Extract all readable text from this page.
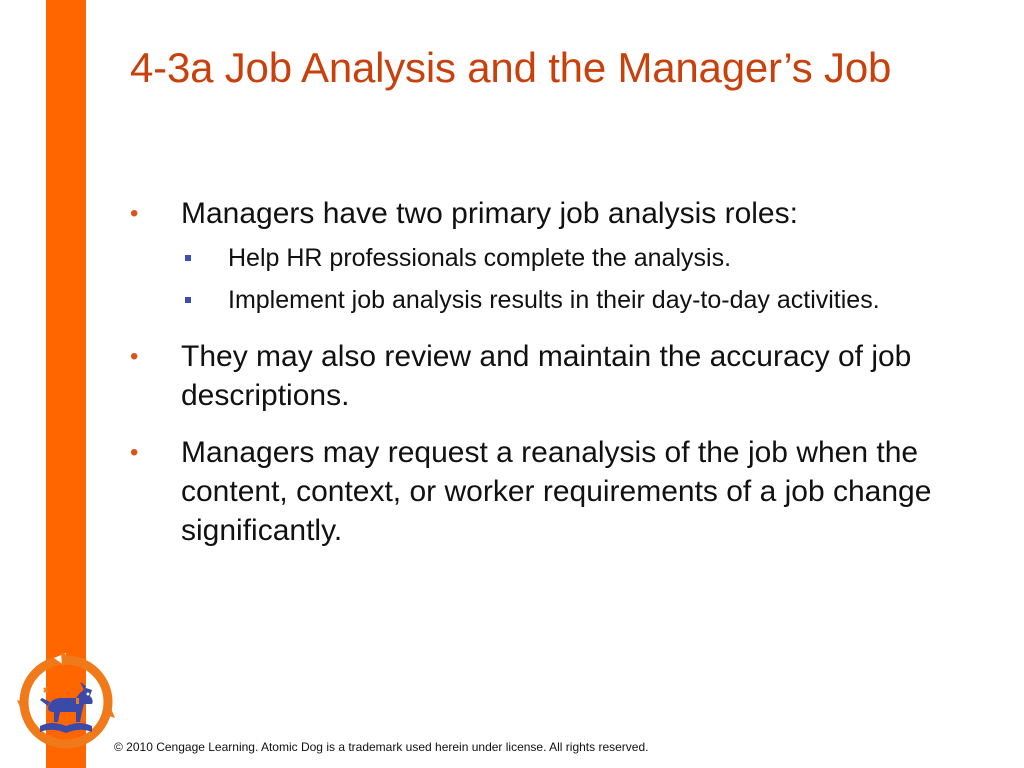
4-3a Job Analysis and the Manager’s Job
• Managers have two primary job analysis roles:
Help HR professionals complete the analysis.
Implement job analysis results in their day-to-day activities.
• They may also review and maintain the accuracy of job descriptions.
• Managers may request a reanalysis of the job when the content, context, or worker requirements of a job change significantly.
© 2010 Cengage Learning. Atomic Dog is a trademark used herein under license. All rights reserved.
